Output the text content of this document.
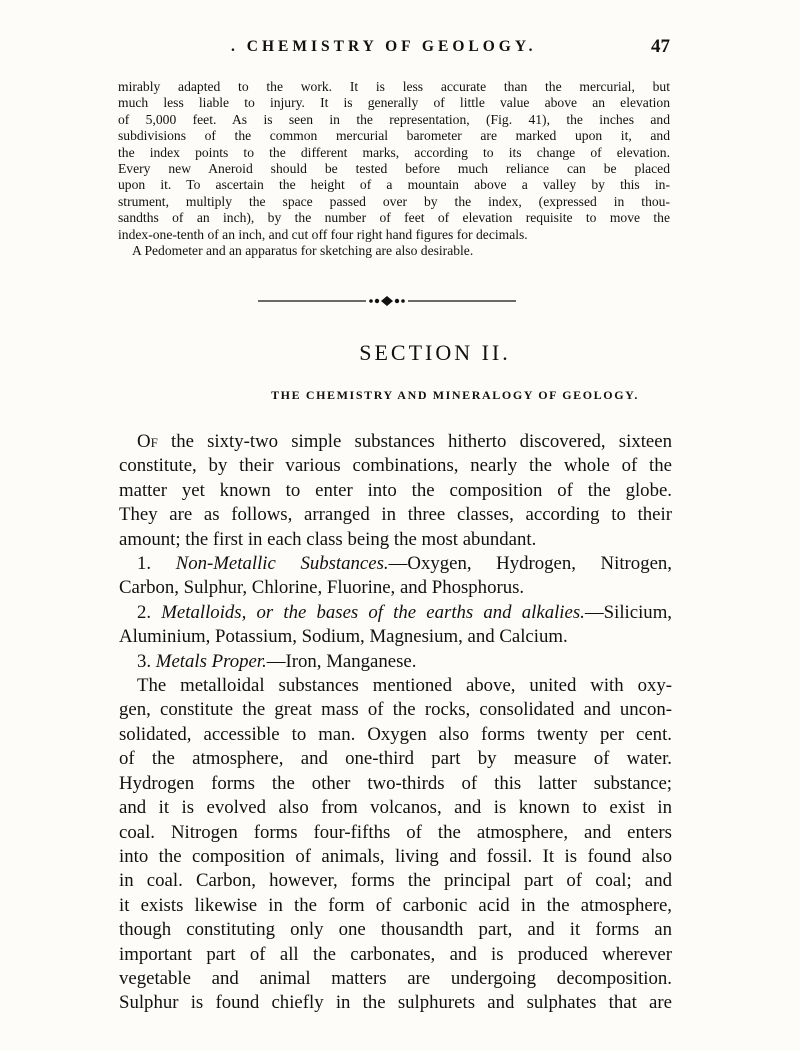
. CHEMISTRY OF GEOLOGY.	47

mirably adapted to the work. It is less accurate than the mercurial, but

much less liable to injury. It is generally of little value above an elevation

of 5,000 feet. As is seen in the representation, (Fig. 41), the inches and

subdivisions of the common mercurial barometer are marked upon it, and

the index points to the different marks, according to its change of elevation.

Every new Aneroid should be tested before much reliance can be placed

upon it. To ascertain the height of a mountain above a valley by this in-

strument, multiply the space passed over by the index, (expressed in thou-

sandths of an inch), by the number of feet of elevation requisite to move the

index-one-tenth of an inch, and cut off four right hand figures for decimals.

A Pedometer and an apparatus for sketching are also desirable.

SECTION II.
THE CHEMISTRY AND MINERALOGY OF GEOLOGY.
Of the sixty-two simple substances hitherto discovered, sixteen
constitute, by their various combinations, nearly the whole of the
matter yet known to enter into the composition of the globe.
They are as follows, arranged in three classes, according to their
amount; the first in each class being the most abundant.
1. Non-Metallic Substances.—Oxygen, Hydrogen, Nitrogen,
Carbon, Sulphur, Chlorine, Fluorine, and Phosphorus.
2. Metalloids, or the bases of the earths and alkalies.—Silicium,
Aluminium, Potassium, Sodium, Magnesium, and Calcium.
3. Metals Proper.—Iron, Manganese.
The metalloidal substances mentioned above, united with oxy-
gen, constitute the great mass of the rocks, consolidated and uncon-
solidated, accessible to man. Oxygen also forms twenty per cent.
of the atmosphere, and one-third part by measure of water.
Hydrogen forms the other two-thirds of this latter substance;
and it is evolved also from volcanos, and is known to exist in
coal. Nitrogen forms four-fifths of the atmosphere, and enters
into the composition of animals, living and fossil. It is found also
in coal. Carbon, however, forms the principal part of coal; and
it exists likewise in the form of carbonic acid in the atmosphere,
though constituting only one thousandth part, and it forms an
important part of all the carbonates, and is produced wherever
vegetable and animal matters are undergoing decomposition.
Sulphur is found chiefly in the sulphurets and sulphates that are
